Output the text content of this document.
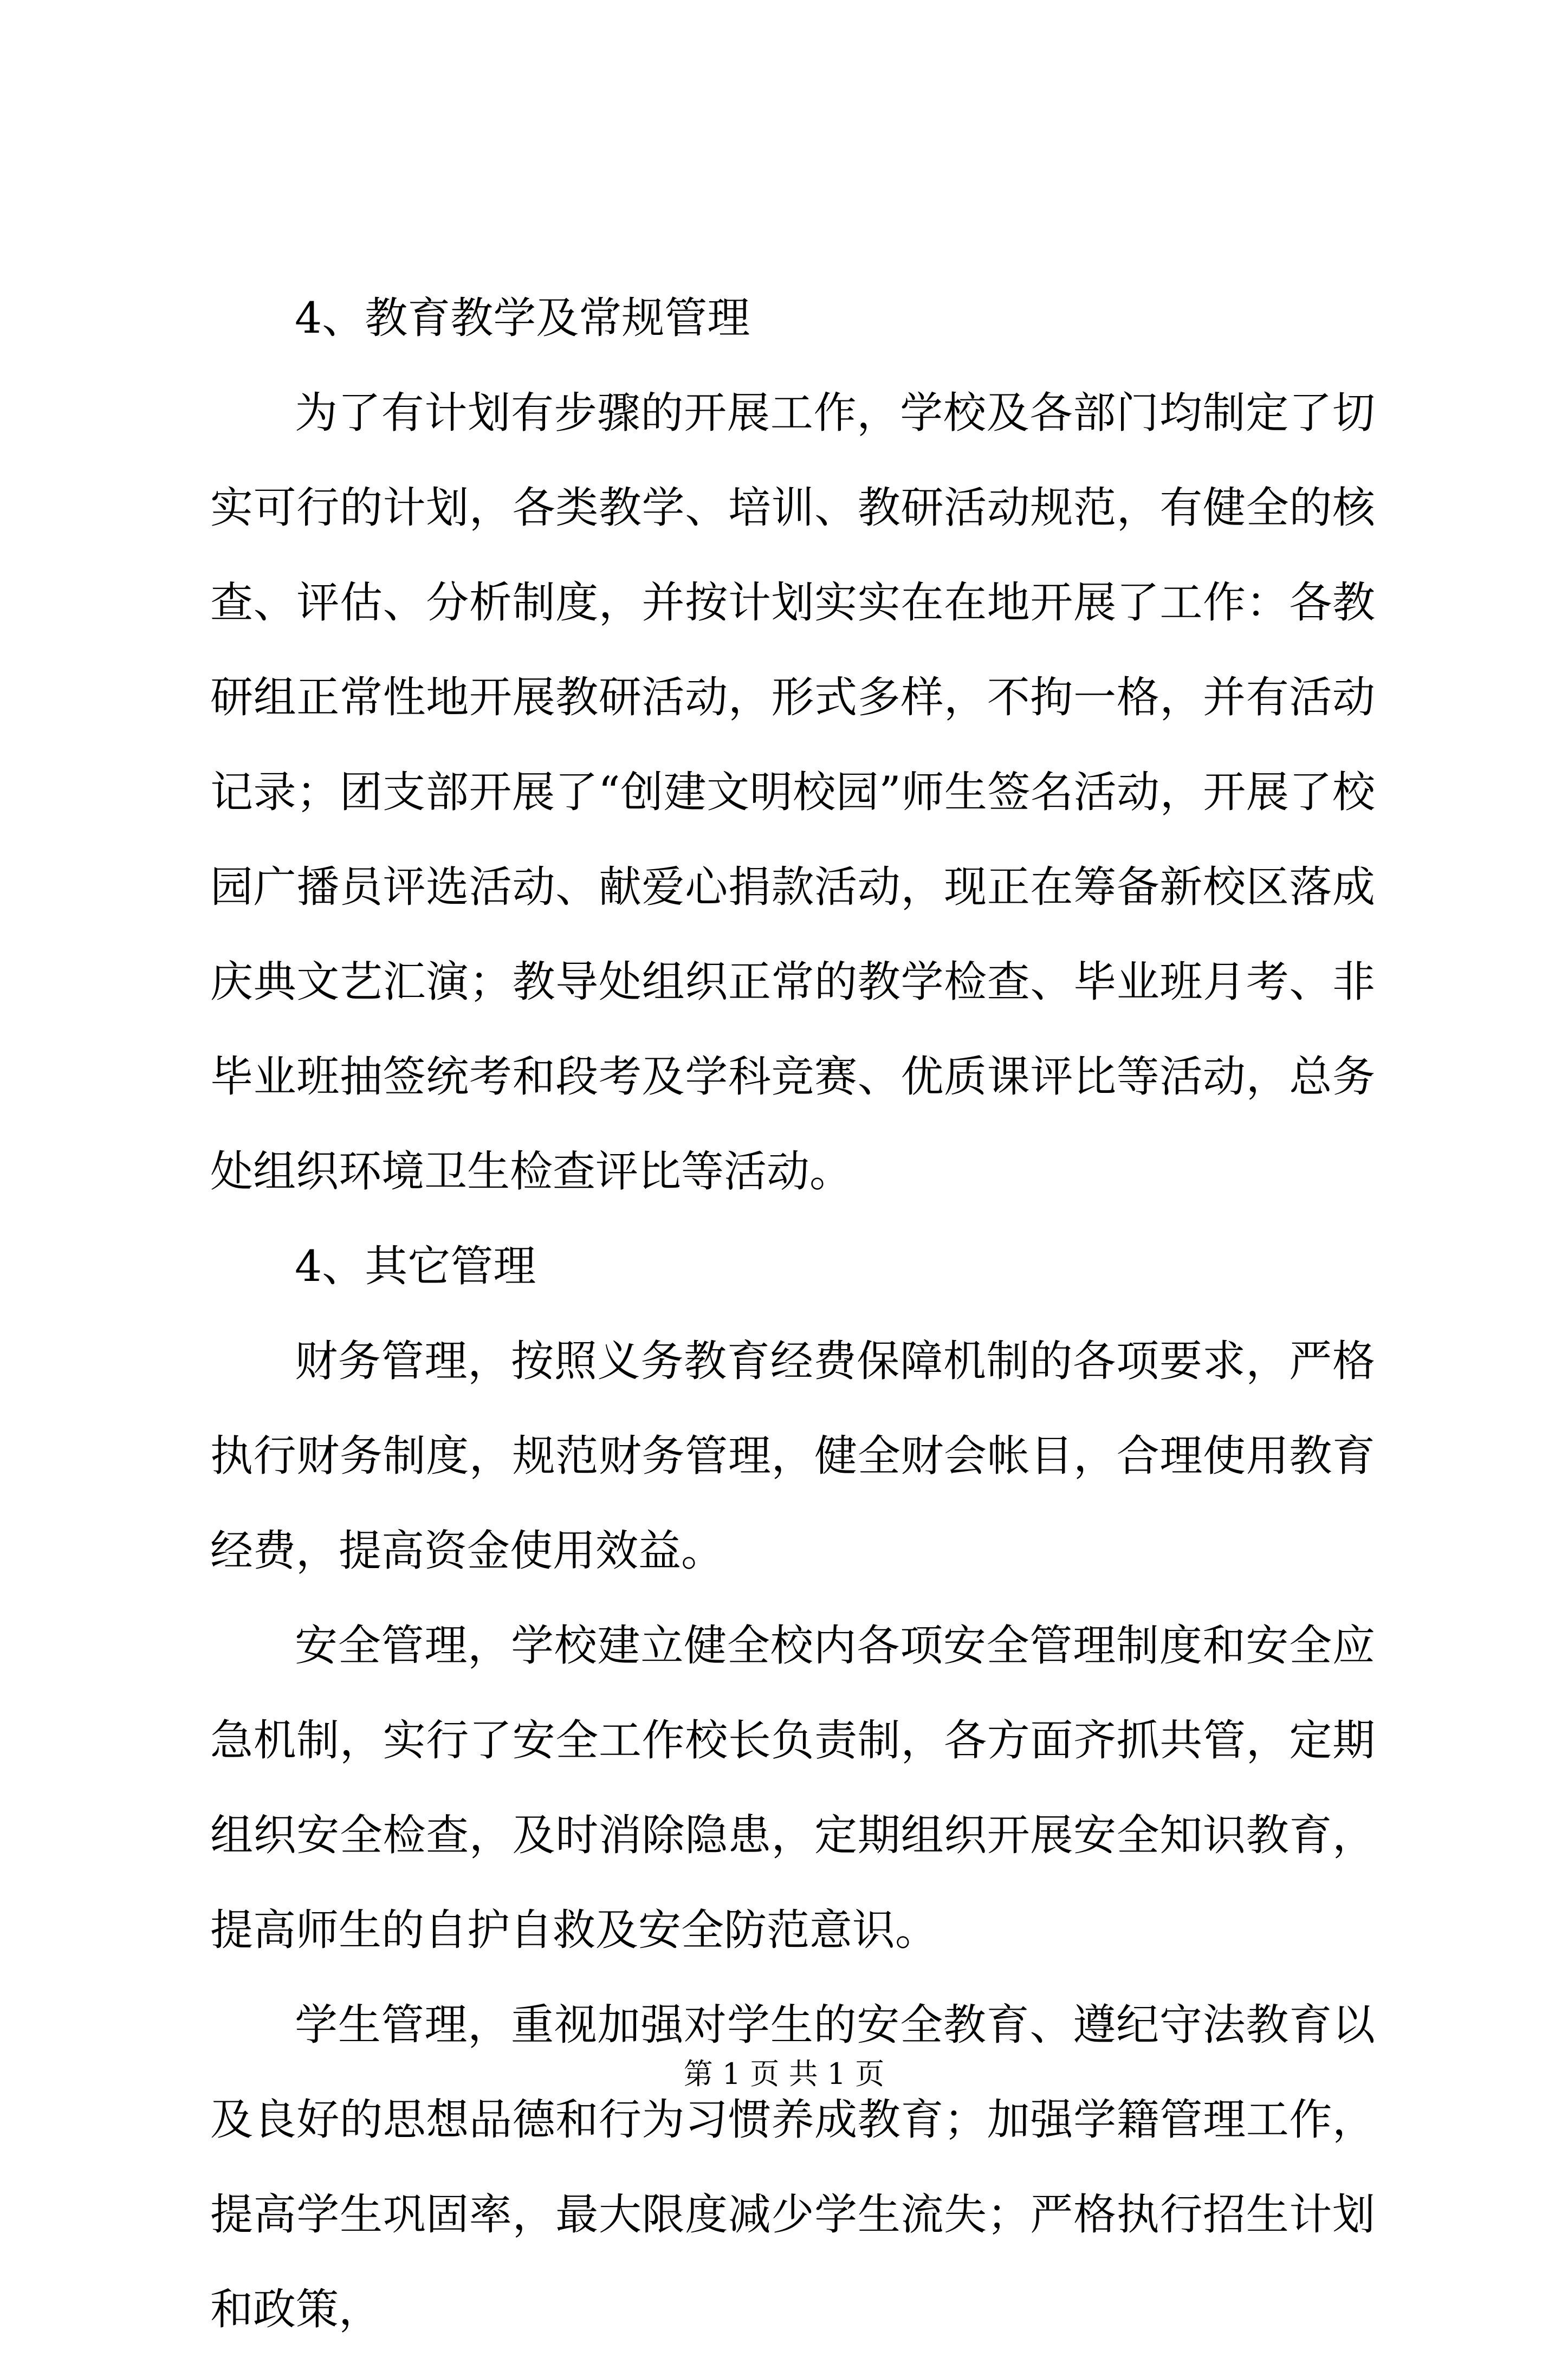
4、教育教学及常规管理

为了有计划有步骤的开展工作，学校及各部门均制定了切实可行的计划，各类教学、培训、教研活动规范，有健全的核查、评估、分析制度，并按计划实实在在地开展了工作：各教研组正常性地开展教研活动，形式多样，不拘一格，并有活动记录；团支部开展了“创建文明校园”师生签名活动，开展了校园广播员评选活动、献爱心捐款活动，现正在筹备新校区落成庆典文艺汇演；教导处组织正常的教学检查、毕业班月考、非毕业班抽签统考和段考及学科竞赛、优质课评比等活动，总务处组织环境卫生检查评比等活动。

4、其它管理

财务管理，按照义务教育经费保障机制的各项要求，严格执行财务制度，规范财务管理，健全财会帐目，合理使用教育经费，提高资金使用效益。

安全管理，学校建立健全校内各项安全管理制度和安全应急机制，实行了安全工作校长负责制，各方面齐抓共管，定期组织安全检查，及时消除隐患，定期组织开展安全知识教育，提高师生的自护自救及安全防范意识。

学生管理，重视加强对学生的安全教育、遵纪守法教育以及良好的思想品德和行为习惯养成教育；加强学籍管理工作，提高学生巩固率，最大限度减少学生流失；严格执行招生计划和政策，

第 1 页 共 1 页
